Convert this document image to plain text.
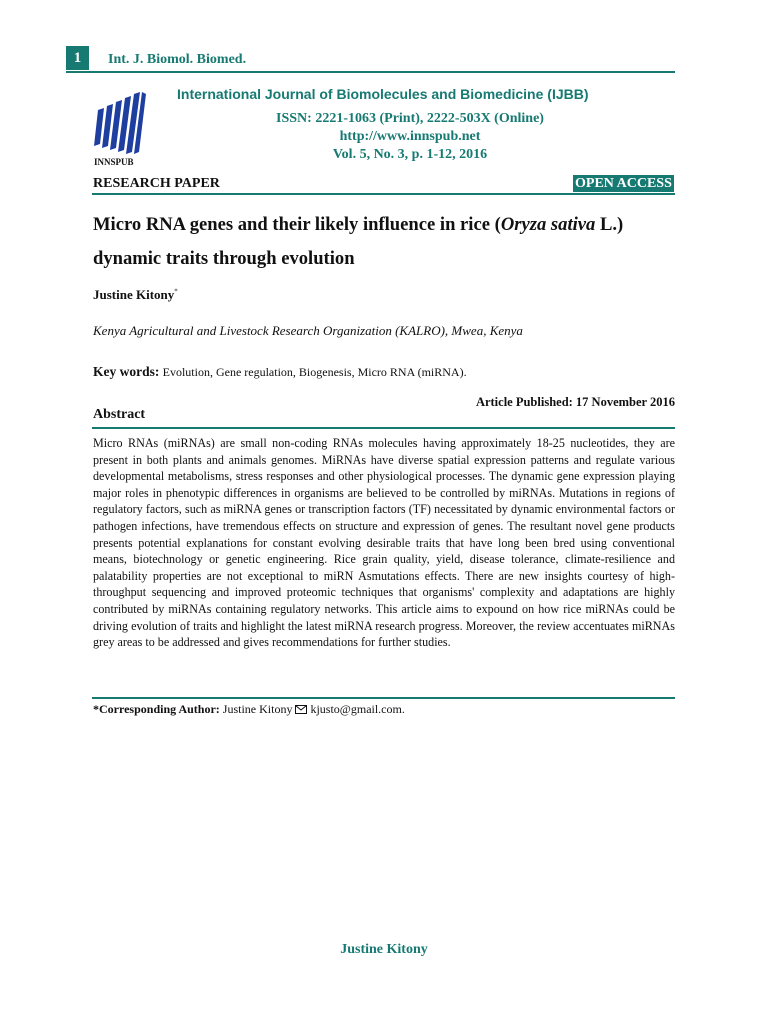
1	Int. J. Biomol. Biomed.
INNSPUB
International Journal of Biomolecules and Biomedicine (IJBB)
ISSN: 2221-1063 (Print), 2222-503X (Online)
http://www.innspub.net
Vol. 5, No. 3, p. 1-12, 2016
RESEARCH PAPER	OPEN ACCESS
Micro RNA genes and their likely influence in rice (Oryza sativa L.) dynamic traits through evolution
Justine Kitony*
Kenya Agricultural and Livestock Research Organization (KALRO), Mwea, Kenya
Key words: Evolution, Gene regulation, Biogenesis, Micro RNA (miRNA).
Article Published: 17 November 2016
Abstract
Micro RNAs (miRNAs) are small non-coding RNAs molecules having approximately 18-25 nucleotides, they are present in both plants and animals genomes. MiRNAs have diverse spatial expression patterns and regulate various developmental metabolisms, stress responses and other physiological processes. The dynamic gene expression playing major roles in phenotypic differences in organisms are believed to be controlled by miRNAs. Mutations in regions of regulatory factors, such as miRNA genes or transcription factors (TF) necessitated by dynamic environmental factors or pathogen infections, have tremendous effects on structure and expression of genes. The resultant novel gene products presents potential explanations for constant evolving desirable traits that have long been bred using conventional means, biotechnology or genetic engineering. Rice grain quality, yield, disease tolerance, climate-resilience and palatability properties are not exceptional to miRN Asmutations effects. There are new insights courtesy of high-throughput sequencing and improved proteomic techniques that organisms' complexity and adaptations are highly contributed by miRNAs containing regulatory networks. This article aims to expound on how rice miRNAs could be driving evolution of traits and highlight the latest miRNA research progress. Moreover, the review accentuates miRNAs grey areas to be addressed and gives recommendations for further studies.
*Corresponding Author: Justine Kitony kjusto@gmail.com.
Justine Kitony
